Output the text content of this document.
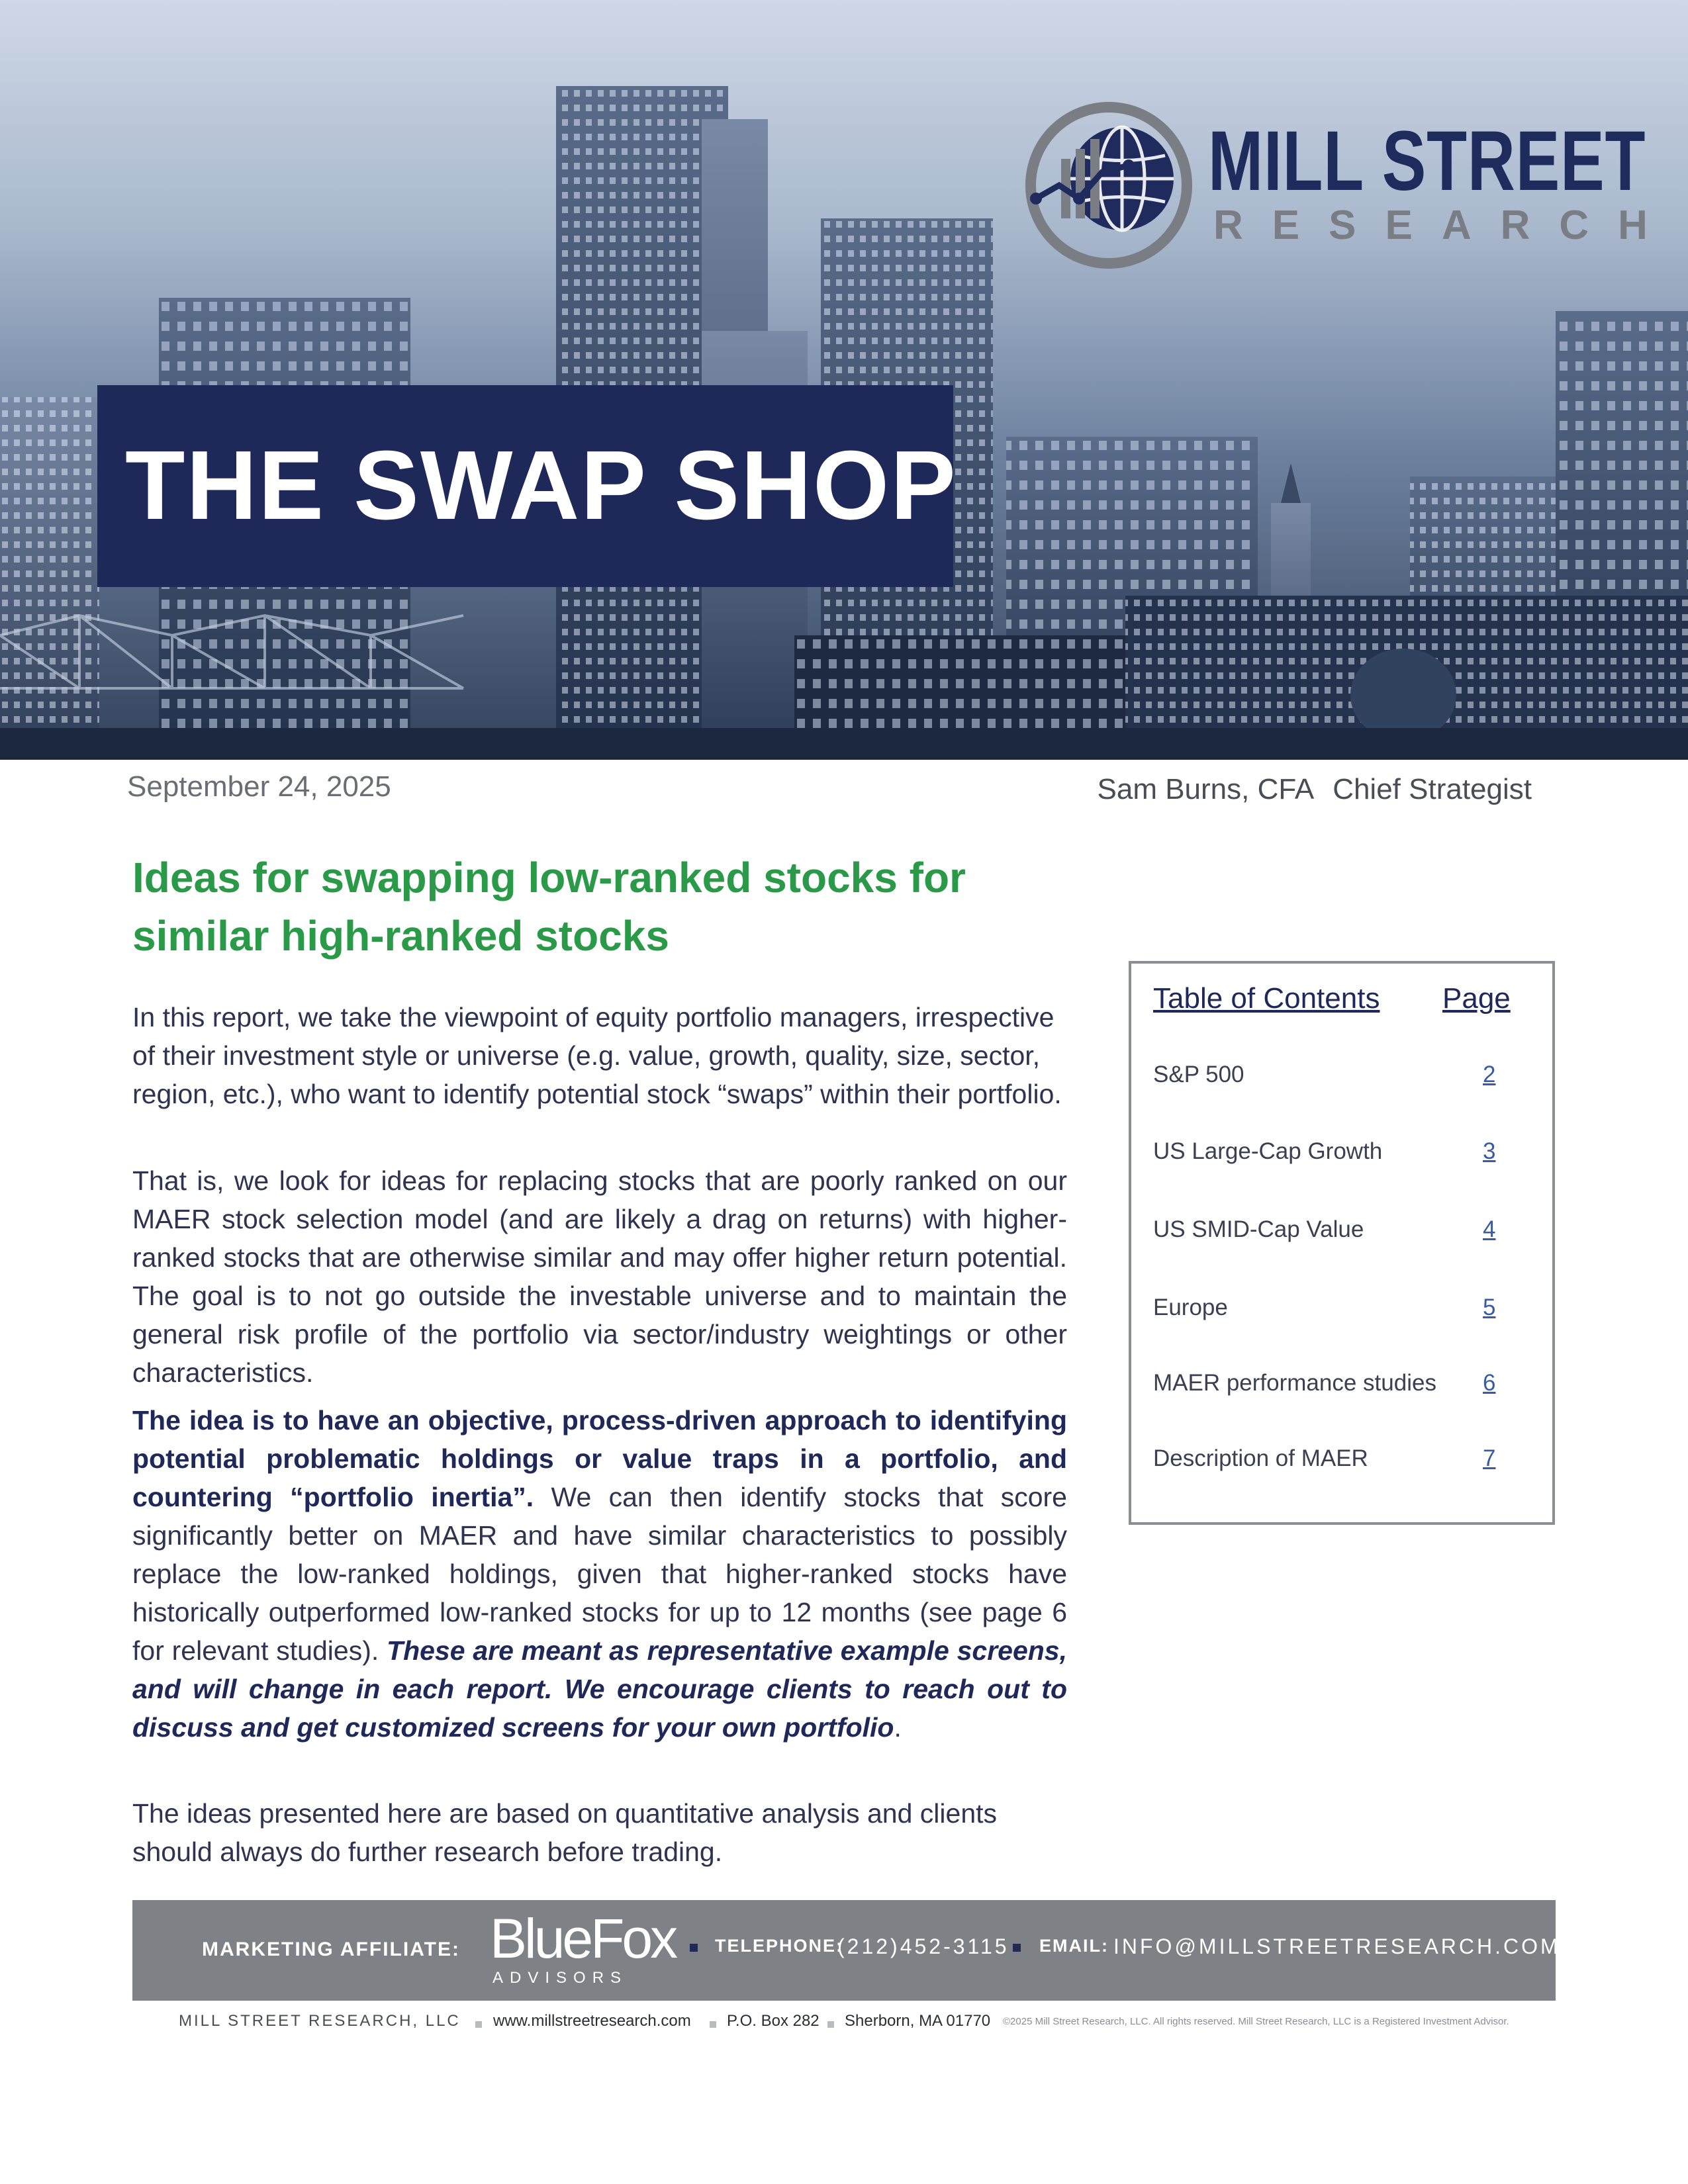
MILL STREET
RESEARCH
THE SWAP SHOP
September 24, 2025	Sam Burns, CFA Chief Strategist
Ideas for swapping low-ranked stocks for
similar high-ranked stocks
In this report, we take the viewpoint of equity portfolio managers, irrespective of their investment style or universe (e.g. value, growth, quality, size, sector, region, etc.), who want to identify potential stock “swaps” within their portfolio.
That is, we look for ideas for replacing stocks that are poorly ranked on our MAER stock selection model (and are likely a drag on returns) with higher-ranked stocks that are otherwise similar and may offer higher return potential. The goal is to not go outside the investable universe and to maintain the general risk profile of the portfolio via sector/industry weightings or other characteristics.
The idea is to have an objective, process-driven approach to identifying potential problematic holdings or value traps in a portfolio, and countering “portfolio inertia”. We can then identify stocks that score significantly better on MAER and have similar characteristics to possibly replace the low-ranked holdings, given that higher-ranked stocks have historically outperformed low-ranked stocks for up to 12 months (see page 6 for relevant studies). These are meant as representative example screens, and will change in each report. We encourage clients to reach out to discuss and get customized screens for your own portfolio.
The ideas presented here are based on quantitative analysis and clients should always do further research before trading.
Table of Contents Page
S&P 500	2
US Large-Cap Growth	3
US SMID-Cap Value	4
Europe	5
MAER performance studies 6
Description of MAER	7
MARKETING AFFILIATE: BlueFox
ADVISORS
TELEPHONE:
(212)452-3115 EMAIL: INFO@MILLSTREETRESEARCH.COM
MILL STREET RESEARCH, LLC www.millstreetresearch.com P.O. Box 282 Sherborn, MA 01770 ©2025 Mill Street Research, LLC. All rights reserved. Mill Street Research, LLC is a Registered Investment Advisor.
